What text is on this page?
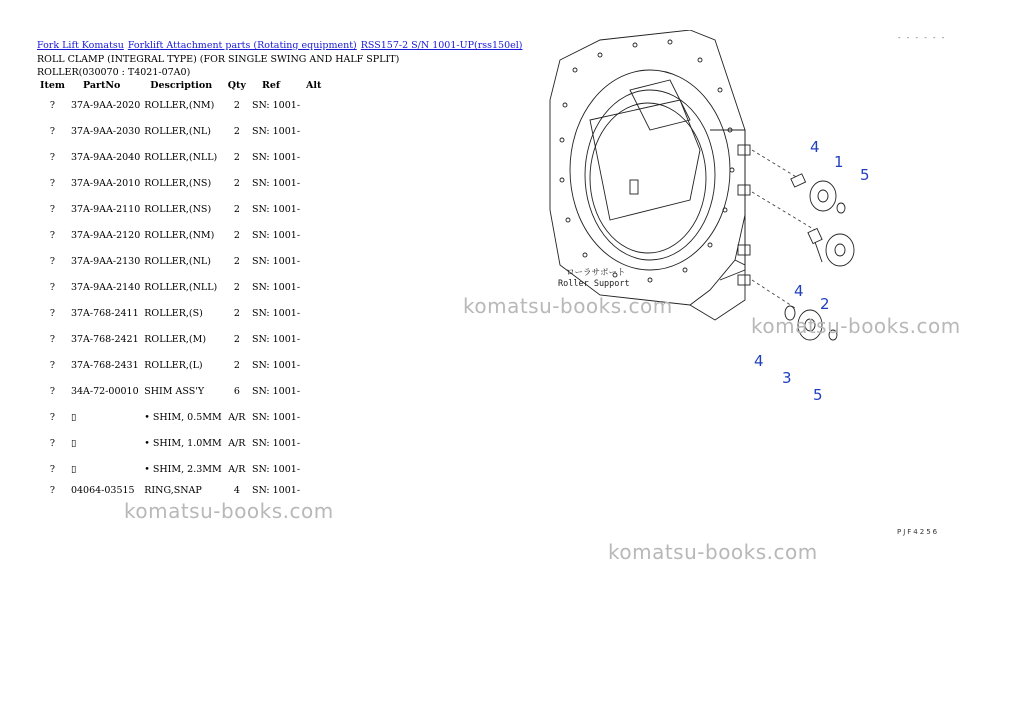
Fork Lift Komatsu Forklift Attachment parts (Rotating equipment) RSS157-2 S/N 1001-UP(rss150el)
ROLL CLAMP (INTEGRAL TYPE) (FOR SINGLE SWING AND HALF SPLIT) ROLLER(030070 : T4021-07A0)
Item	PartNo	Description	Qty	Ref	Alt
?	37A-9AA-2020	ROLLER,(NM)	2	SN: 1001-	
?	37A-9AA-2030	ROLLER,(NL)	2	SN: 1001-	
?	37A-9AA-2040	ROLLER,(NLL)	2	SN: 1001-	
?	37A-9AA-2010	ROLLER,(NS)	2	SN: 1001-	
?	37A-9AA-2110	ROLLER,(NS)	2	SN: 1001-	
?	37A-9AA-2120	ROLLER,(NM)	2	SN: 1001-	
?	37A-9AA-2130	ROLLER,(NL)	2	SN: 1001-	
?	37A-9AA-2140	ROLLER,(NLL)	2	SN: 1001-	
?	37A-768-2411	ROLLER,(S)	2	SN: 1001-	
?	37A-768-2421	ROLLER,(M)	2	SN: 1001-	
?	37A-768-2431	ROLLER,(L)	2	SN: 1001-	
?	34A-72-00010	SHIM ASS'Y	6	SN: 1001-	
?	▯	• SHIM, 0.5MM	A/R	SN: 1001-	
?	▯	• SHIM, 1.0MM	A/R	SN: 1001-	
?	▯	• SHIM, 2.3MM	A/R	SN: 1001-	
?	04064-03515	RING,SNAP	4	SN: 1001-	
ローラサポート
Roller Support
4
1
5
4
2
4
3
5
- - - - - -
PJF4256
komatsu-books.com
komatsu-books.com
komatsu-books.com
komatsu-books.com
